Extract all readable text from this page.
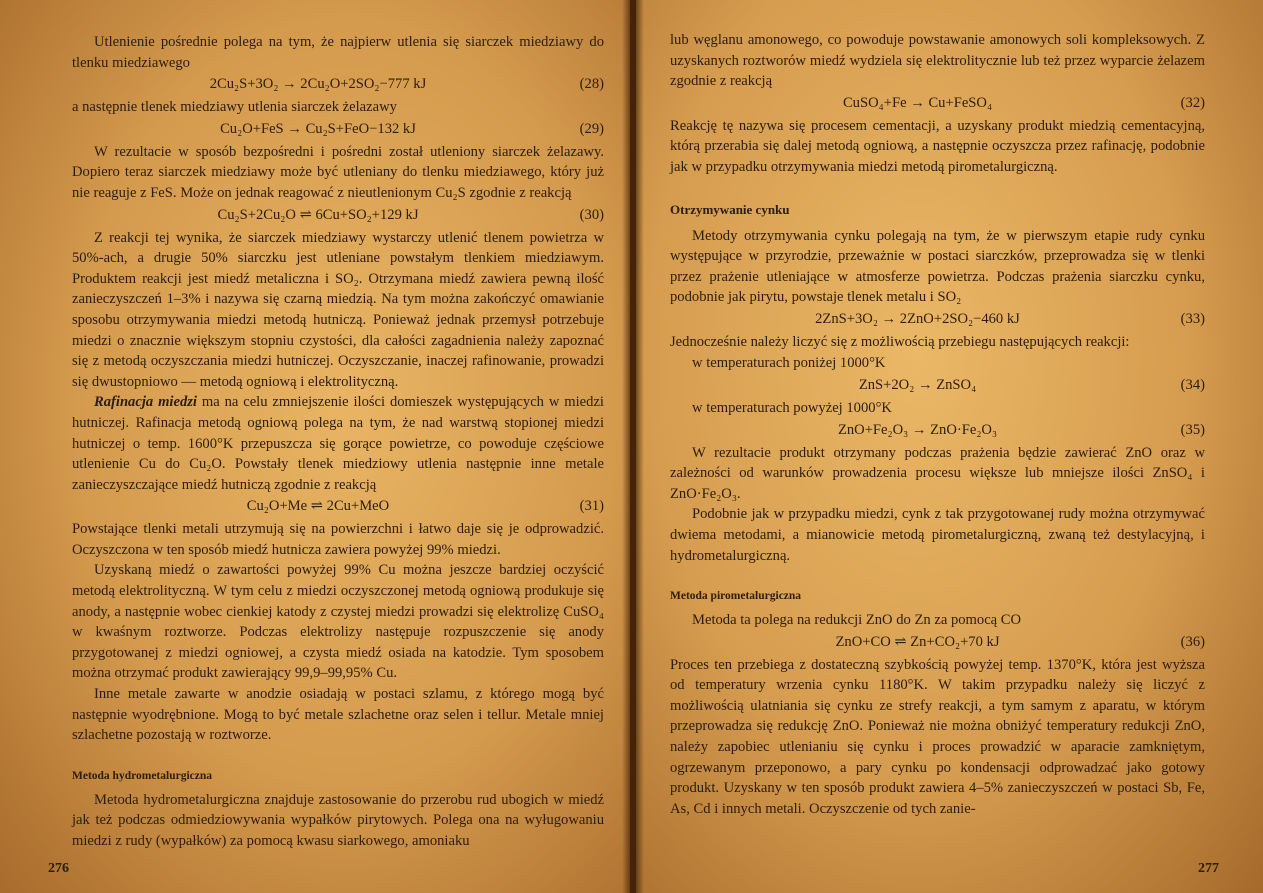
Utlenienie pośrednie polega na tym, że najpierw utlenia się siarczek miedziawy do tlenku miedziawego

2Cu₂S+3O₂ → 2Cu₂O+2SO₂−777 kJ	(28)

a następnie tlenek miedziawy utlenia siarczek żelazawy

Cu₂O+FeS → Cu₂S+FeO−132 kJ	(29)

W rezultacie w sposób bezpośredni i pośredni został utleniony siarczek żelazawy. Dopiero teraz siarczek miedziawy może być utleniany do tlenku miedziawego, który już nie reaguje z FeS. Może on jednak reagować z nieutlenionym Cu₂S zgodnie z reakcją

Cu₂S+2Cu₂O ⇌ 6Cu+SO₂+129 kJ	(30)

Z reakcji tej wynika, że siarczek miedziawy wystarczy utlenić tlenem powietrza w 50%-ach, a drugie 50% siarczku jest utleniane powstałym tlenkiem miedziawym. Produktem reakcji jest miedź metaliczna i SO₂. Otrzymana miedź zawiera pewną ilość zanieczyszczeń 1–3% i nazywa się czarną miedzią. Na tym można zakończyć omawianie sposobu otrzymywania miedzi metodą hutniczą. Ponieważ jednak przemysł potrzebuje miedzi o znacznie większym stopniu czystości, dla całości zagadnienia należy zapoznać się z metodą oczyszczania miedzi hutniczej. Oczyszczanie, inaczej rafinowanie, prowadzi się dwustopniowo — metodą ogniową i elektrolityczną.

Rafinacja miedzi ma na celu zmniejszenie ilości domieszek występujących w miedzi hutniczej. Rafinacja metodą ogniową polega na tym, że nad warstwą stopionej miedzi hutniczej o temp. 1600°K przepuszcza się gorące powietrze, co powoduje częściowe utlenienie Cu do Cu₂O. Powstały tlenek miedziowy utlenia następnie inne metale zanieczyszczające miedź hutniczą zgodnie z reakcją

Cu₂O+Me ⇌ 2Cu+MeO	(31)

Powstające tlenki metali utrzymują się na powierzchni i łatwo daje się je odprowadzić. Oczyszczona w ten sposób miedź hutnicza zawiera powyżej 99% miedzi.

Uzyskaną miedź o zawartości powyżej 99% Cu można jeszcze bardziej oczyścić metodą elektrolityczną. W tym celu z miedzi oczyszczonej metodą ogniową produkuje się anody, a następnie wobec cienkiej katody z czystej miedzi prowadzi się elektrolizę CuSO₄ w kwaśnym roztworze. Podczas elektrolizy następuje rozpuszczenie się anody przygotowanej z miedzi ogniowej, a czysta miedź osiada na katodzie. Tym sposobem można otrzymać produkt zawierający 99,9–99,95% Cu.

Inne metale zawarte w anodzie osiadają w postaci szlamu, z którego mogą być następnie wyodrębnione. Mogą to być metale szlachetne oraz selen i tellur. Metale mniej szlachetne pozostają w roztworze.

Metoda hydrometalurgiczna

Metoda hydrometalurgiczna znajduje zastosowanie do przerobu rud ubogich w miedź jak też podczas odmiedziowywania wypałków pirytowych. Polega ona na wyługowaniu miedzi z rudy (wypałków) za pomocą kwasu siarkowego, amoniaku

276

lub węglanu amonowego, co powoduje powstawanie amonowych soli kompleksowych. Z uzyskanych roztworów miedź wydziela się elektrolitycznie lub też przez wyparcie żelazem zgodnie z reakcją

CuSO₄+Fe → Cu+FeSO₄	(32)

Reakcję tę nazywa się procesem cementacji, a uzyskany produkt miedzią cementacyjną, którą przerabia się dalej metodą ogniową, a następnie oczyszcza przez rafinację, podobnie jak w przypadku otrzymywania miedzi metodą pirometalurgiczną.

Otrzymywanie cynku

Metody otrzymywania cynku polegają na tym, że w pierwszym etapie rudy cynku występujące w przyrodzie, przeważnie w postaci siarczków, przeprowadza się w tlenki przez prażenie utleniające w atmosferze powietrza. Podczas prażenia siarczku cynku, podobnie jak pirytu, powstaje tlenek metalu i SO₂

2ZnS+3O₂ → 2ZnO+2SO₂−460 kJ	(33)

Jednocześnie należy liczyć się z możliwością przebiegu następujących reakcji:

w temperaturach poniżej 1000°K
ZnS+2O₂ → ZnSO₄	(34)
w temperaturach powyżej 1000°K
ZnO+Fe₂O₃ → ZnO·Fe₂O₃	(35)

W rezultacie produkt otrzymany podczas prażenia będzie zawierać ZnO oraz w zależności od warunków prowadzenia procesu większe lub mniejsze ilości ZnSO₄ i ZnO·Fe₂O₃.

Podobnie jak w przypadku miedzi, cynk z tak przygotowanej rudy można otrzymywać dwiema metodami, a mianowicie metodą pirometalurgiczną, zwaną też destylacyjną, i hydrometalurgiczną.

Metoda pirometalurgiczna

Metoda ta polega na redukcji ZnO do Zn za pomocą CO

ZnO+CO ⇌ Zn+CO₂+70 kJ	(36)

Proces ten przebiega z dostateczną szybkością powyżej temp. 1370°K, która jest wyższa od temperatury wrzenia cynku 1180°K. W takim przypadku należy się liczyć z możliwością ulatniania się cynku ze strefy reakcji, a tym samym z aparatu, w którym przeprowadza się redukcję ZnO. Ponieważ nie można obniżyć temperatury redukcji ZnO, należy zapobiec utlenianiu się cynku i proces prowadzić w aparacie zamkniętym, ogrzewanym przeponowo, a pary cynku po kondensacji odprowadzać jako gotowy produkt. Uzyskany w ten sposób produkt zawiera 4–5% zanieczyszczeń w postaci Sb, Fe, As, Cd i innych metali. Oczyszczenie od tych zanie-

277
